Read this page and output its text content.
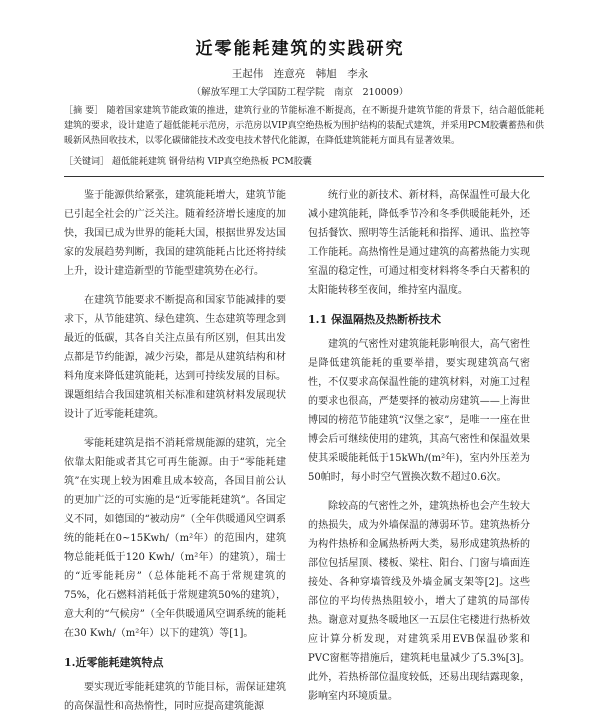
近零能耗建筑的实践研究
王起伟　连意亮　韩旭　李永
（解放军理工大学国防工程学院　南京　210009）
［摘 要］ 随着国家建筑节能政策的推进，建筑行业的节能标准不断提高，在不断提升建筑节能的背景下，结合超低能耗建筑的要求，设计建造了超低能耗示范房，示范房以VIP真空绝热板为围护结构的装配式建筑，并采用PCM胶囊蓄热和供暖新风热回收技术，以零化碳储能技术改变电技术替代化能源，在降低建筑能耗方面具有显著效果。
［关键词］ 超低能耗建筑 钢骨结构 VIP真空绝热板 PCM胶囊

鉴于能源供给紧张，建筑能耗增大，建筑节能已引起全社会的广泛关注。随着经济增长速度的加快，我国已成为世界的能耗大国，根据世界发达国家的发展趋势判断，我国的建筑能耗占比还将持续上升，设计建造新型的节能型建筑势在必行。

在建筑节能要求不断提高和国家节能减排的要求下，从节能建筑、绿色建筑、生态建筑等理念到最近的低碳，其各自关注点虽有所区别，但其出发点都是节约能源，减少污染，都是从建筑结构和材料角度来降低建筑能耗，达到可持续发展的目标。课题组结合我国建筑相关标准和建筑材料发展现状设计了近零能耗建筑。

零能耗建筑是指不消耗常规能源的建筑，完全依靠太阳能或者其它可再生能源。由于“零能耗建筑”在实现上较为困难且成本较高，各国目前公认的更加广泛的可实施的是“近零能耗建筑”。各国定义不同，如德国的“被动房”（全年供暖通风空调系统的能耗在0~15Kwh/（m²年）的范围内，建筑物总能耗低于120 Kwh/（m²年）的建筑），瑞士的“近零能耗房”（总体能耗不高于常规建筑的75%，化石燃料消耗低于常规建筑50%的建筑），意大利的“气候房”（全年供暖通风空调系统的能耗在30 Kwh/（m²年）以下的建筑）等[1]。

1.近零能耗建筑特点

要实现近零能耗建筑的节能目标，需保证建筑的高保温性和高热惰性，同时应提高建筑能源

统行业的新技术、新材料，高保温性可最大化减小建筑能耗，降低季节冷和冬季供暖能耗外，还包括餐饮、照明等生活能耗和指挥、通讯、监控等工作能耗。高热惰性是通过建筑的高蓄热能力实现室温的稳定性，可通过相变材料将冬季白天蓄积的太阳能转移至夜间，维持室内温度。

1.1 保温隔热及热断桥技术

建筑的气密性对建筑能耗影响很大，高气密性是降低建筑能耗的重要举措，要实现建筑高气密性，不仅要求高保温性能的建筑材料，对施工过程的要求也很高，严楚要择的被动房建筑——上海世博园的榜范节能建筑“汉堡之家”，是唯一一座在世博会后可继续使用的建筑，其高气密性和保温效果使其采暖能耗低于15kWh/(m²年)，室内外压差为50帕时，每小时空气置换次数不超过0.6次。

除较高的气密性之外，建筑热桥也会产生较大的热损失，成为外墙保温的薄弱环节。建筑热桥分为构件热桥和金属热桥两大类，易形成建筑热桥的部位包括屋顶、楼板、梁柱、阳台、门窗与墙面连接处、各种穿墙管线及外墙金属支架等[2]。这些部位的平均传热热阻较小，增大了建筑的局部传热。谢意对夏热冬暖地区一五层住宅楼进行热桥效应计算分析发现，对建筑采用EVB保温砂浆和PVC窗框等措施后，建筑耗电量减少了5.3%[3]。此外，若热桥部位温度较低，还易出现结露现象，影响室内环境质量。
